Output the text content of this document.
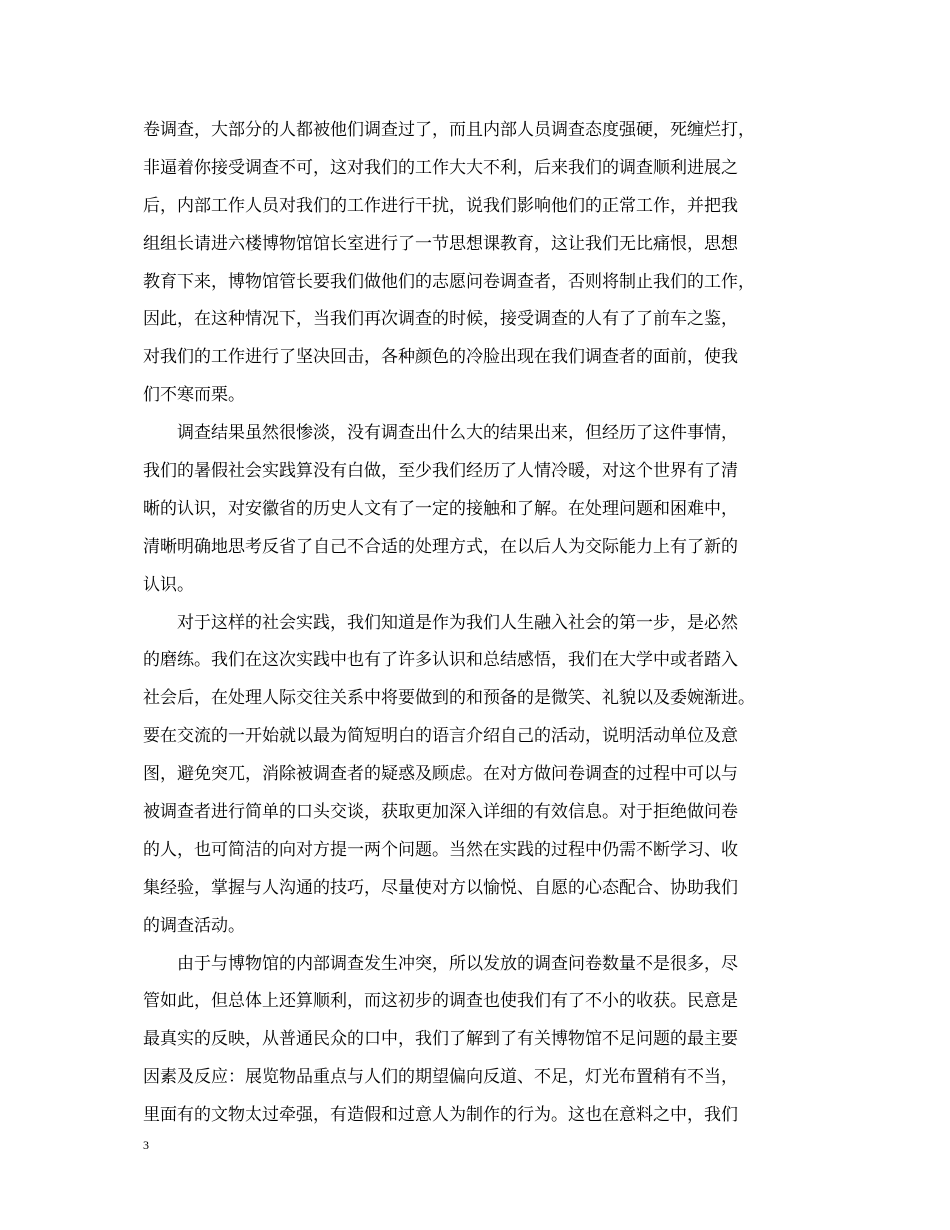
卷调查，大部分的人都被他们调查过了，而且内部人员调查态度强硬，死缠烂打，
非逼着你接受调查不可，这对我们的工作大大不利，后来我们的调查顺利进展之
后，内部工作人员对我们的工作进行干扰，说我们影响他们的正常工作，并把我
组组长请进六楼博物馆馆长室进行了一节思想课教育，这让我们无比痛恨，思想
教育下来，博物馆管长要我们做他们的志愿问卷调查者，否则将制止我们的工作，
因此，在这种情况下，当我们再次调查的时候，接受调查的人有了了前车之鉴，
对我们的工作进行了坚决回击，各种颜色的冷脸出现在我们调查者的面前，使我
们不寒而栗。
调查结果虽然很惨淡，没有调查出什么大的结果出来，但经历了这件事情，
我们的暑假社会实践算没有白做，至少我们经历了人情冷暖，对这个世界有了清
晰的认识，对安徽省的历史人文有了一定的接触和了解。在处理问题和困难中，
清晰明确地思考反省了自己不合适的处理方式，在以后人为交际能力上有了新的
认识。
对于这样的社会实践，我们知道是作为我们人生融入社会的第一步，是必然
的磨练。我们在这次实践中也有了许多认识和总结感悟，我们在大学中或者踏入
社会后，在处理人际交往关系中将要做到的和预备的是微笑、礼貌以及委婉渐进。
要在交流的一开始就以最为简短明白的语言介绍自己的活动，说明活动单位及意
图，避免突兀，消除被调查者的疑惑及顾虑。在对方做问卷调查的过程中可以与
被调查者进行简单的口头交谈，获取更加深入详细的有效信息。对于拒绝做问卷
的人，也可简洁的向对方提一两个问题。当然在实践的过程中仍需不断学习、收
集经验，掌握与人沟通的技巧，尽量使对方以愉悦、自愿的心态配合、协助我们
的调查活动。
由于与博物馆的内部调查发生冲突，所以发放的调查问卷数量不是很多，尽
管如此，但总体上还算顺利，而这初步的调查也使我们有了不小的收获。民意是
最真实的反映，从普通民众的口中，我们了解到了有关博物馆不足问题的最主要
因素及反应：展览物品重点与人们的期望偏向反道、不足，灯光布置稍有不当，
里面有的文物太过牵强，有造假和过意人为制作的行为。这也在意料之中，我们
3
